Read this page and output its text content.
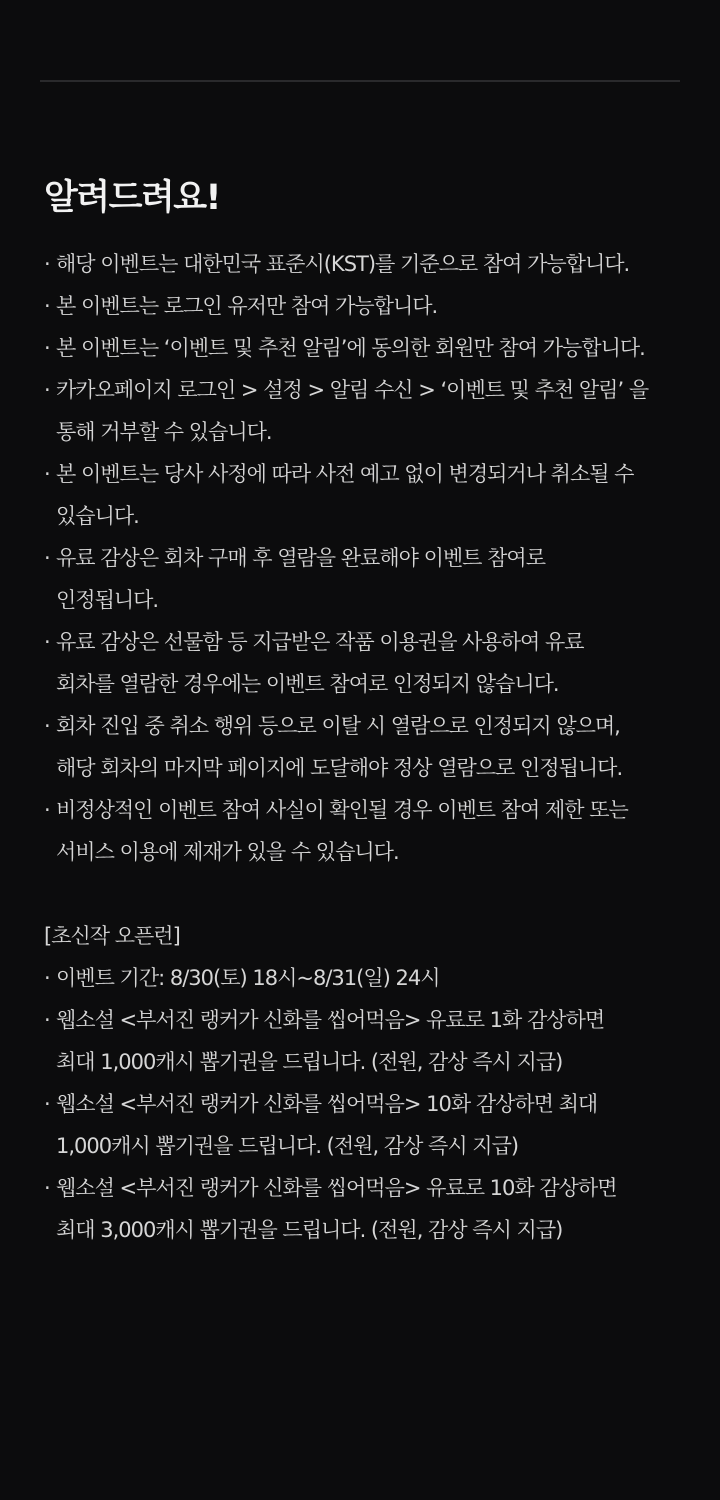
알려드려요!
· 해당 이벤트는 대한민국 표준시(KST)를 기준으로 참여 가능합니다.
· 본 이벤트는 로그인 유저만 참여 가능합니다.
· 본 이벤트는 ‘이벤트 및 추천 알림’에 동의한 회원만 참여 가능합니다.
· 카카오페이지 로그인 > 설정 > 알림 수신 > ‘이벤트 및 추천 알림’ 을
통해 거부할 수 있습니다.
· 본 이벤트는 당사 사정에 따라 사전 예고 없이 변경되거나 취소될 수
있습니다.
· 유료 감상은 회차 구매 후 열람을 완료해야 이벤트 참여로
인정됩니다.
· 유료 감상은 선물함 등 지급받은 작품 이용권을 사용하여 유료
회차를 열람한 경우에는 이벤트 참여로 인정되지 않습니다.
· 회차 진입 중 취소 행위 등으로 이탈 시 열람으로 인정되지 않으며,
해당 회차의 마지막 페이지에 도달해야 정상 열람으로 인정됩니다.
· 비정상적인 이벤트 참여 사실이 확인될 경우 이벤트 참여 제한 또는
서비스 이용에 제재가 있을 수 있습니다.
[초신작 오픈런]
· 이벤트 기간: 8/30(토) 18시~8/31(일) 24시
· 웹소설 <부서진 랭커가 신화를 씹어먹음> 유료로 1화 감상하면
최대 1,000캐시 뽑기권을 드립니다. (전원, 감상 즉시 지급)
· 웹소설 <부서진 랭커가 신화를 씹어먹음> 10화 감상하면 최대
1,000캐시 뽑기권을 드립니다. (전원, 감상 즉시 지급)
· 웹소설 <부서진 랭커가 신화를 씹어먹음> 유료로 10화 감상하면
최대 3,000캐시 뽑기권을 드립니다. (전원, 감상 즉시 지급)
